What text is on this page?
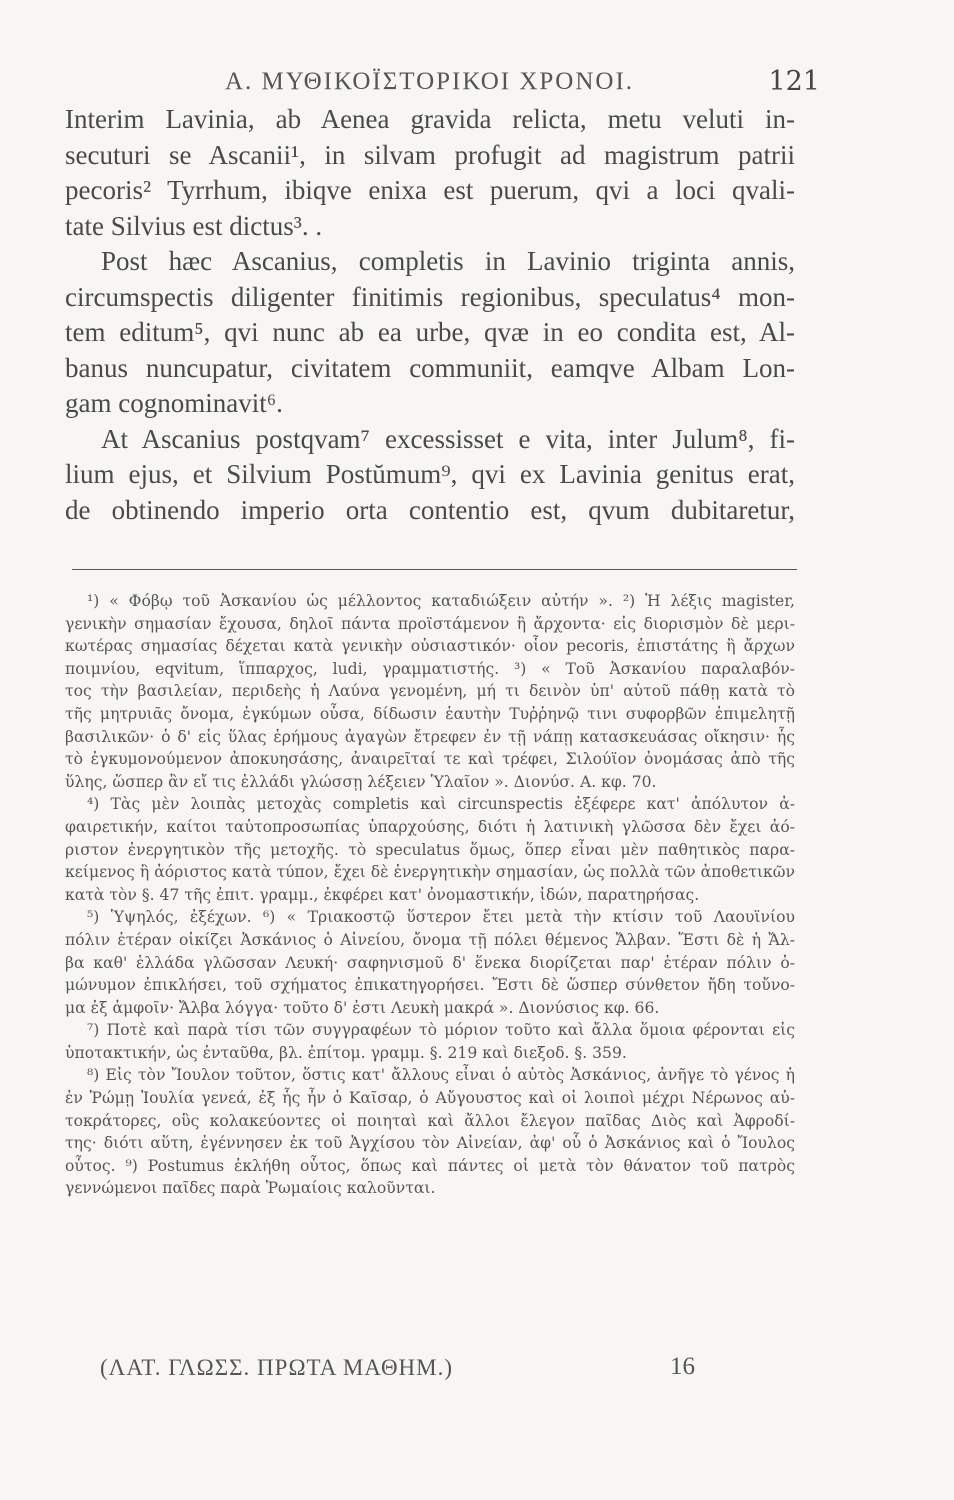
Α. ΜΥΘΙΚΟΪΣΤΟΡΙΚΟΙ ΧΡΟΝΟΙ.	121
Interim Lavinia, ab Aenea gravida relicta, metu veluti in-
secuturi se Ascanii¹, in silvam profugit ad magistrum patrii
pecoris² Tyrrhum, ibiqve enixa est puerum, qvi a loci qvali-
tate Silvius est dictus³. .
Post hæc Ascanius, completis in Lavinio triginta annis,
circumspectis diligenter finitimis regionibus, speculatus⁴ mon-
tem editum⁵, qvi nunc ab ea urbe, qvæ in eo condita est, Al-
banus nuncupatur, civitatem communiit, eamqve Albam Lon-
gam cognominavit⁶.
At Ascanius postqvam⁷ excessisset e vita, inter Julum⁸, fi-
lium ejus, et Silvium Postŭmum⁹, qvi ex Lavinia genitus erat,
de obtinendo imperio orta contentio est, qvum dubitaretur,
¹) « Φόβῳ τοῦ Ἀσκανίου ὡς μέλλοντος καταδιώξειν αὐτήν ». ²) Ἡ λέξις magister,
γενικὴν σημασίαν ἔχουσα, δηλοῖ πάντα προϊστάμενον ἢ ἄρχοντα· εἰς διορισμὸν δὲ μερι-
κωτέρας σημασίας δέχεται κατὰ γενικὴν οὐσιαστικόν· οἷον pecoris, ἐπιστάτης ἢ ἄρχων
ποιμνίου, eqvitum, ἵππαρχος, ludi, γραμματιστής. ³) « Τοῦ Ἀσκανίου παραλαβόν-
τος τὴν βασιλείαν, περιδεὴς ἡ Λαύνα γενομένη, μή τι δεινὸν ὑπ' αὐτοῦ πάθῃ κατὰ τὸ
τῆς μητρυιᾶς ὄνομα, ἐγκύμων οὖσα, δίδωσιν ἑαυτὴν Τυῤῥηνῷ τινι συφορβῶν ἐπιμελητῇ
βασιλικῶν· ὁ δ' εἰς ὕλας ἐρήμους ἀγαγὼν ἔτρεφεν ἐν τῇ νάπῃ κατασκευάσας οἴκησιν· ἧς
τὸ ἐγκυμονούμενον ἀποκυησάσης, ἀναιρεῖταί τε καὶ τρέφει, Σιλούϊον ὀνομάσας ἀπὸ τῆς
ὕλης, ὥσπερ ἂν εἴ τις ἑλλάδι γλώσσῃ λέξειεν Ὑλαῖον ». Διονύσ. Α. κφ. 70.
⁴) Τὰς μὲν λοιπὰς μετοχὰς completis καὶ circunspectis ἐξέφερε κατ' ἀπόλυτον ἀ-
φαιρετικήν, καίτοι ταὐτοπροσωπίας ὑπαρχούσης, διότι ἡ λατινικὴ γλῶσσα δὲν ἔχει ἀό-
ριστον ἐνεργητικὸν τῆς μετοχῆς. τὸ speculatus ὅμως, ὅπερ εἶναι μὲν παθητικὸς παρα-
κείμενος ἢ ἀόριστος κατὰ τύπον, ἔχει δὲ ἐνεργητικὴν σημασίαν, ὡς πολλὰ τῶν ἀποθετικῶν
κατὰ τὸν §. 47 τῆς ἐπιτ. γραμμ., ἐκφέρει κατ' ὀνομαστικήν, ἰδών, παρατηρήσας.
⁵) Ὑψηλός, ἐξέχων. ⁶) « Τριακοστῷ ὕστερον ἔτει μετὰ τὴν κτίσιν τοῦ Λαουϊνίου
πόλιν ἑτέραν οἰκίζει Ἀσκάνιος ὁ Αἰνείου, ὄνομα τῇ πόλει θέμενος Ἄλβαν. Ἔστι δὲ ἡ Ἄλ-
βα καθ' ἑλλάδα γλῶσσαν Λευκή· σαφηνισμοῦ δ' ἕνεκα διορίζεται παρ' ἑτέραν πόλιν ὁ-
μώνυμον ἐπικλήσει, τοῦ σχήματος ἐπικατηγορήσει. Ἔστι δὲ ὥσπερ σύνθετον ἤδη τοὔνο-
μα ἐξ ἀμφοῖν· Ἄλβα λόγγα· τοῦτο δ' ἐστι Λευκὴ μακρά ». Διονύσιος κφ. 66.
⁷) Ποτὲ καὶ παρὰ τίσι τῶν συγγραφέων τὸ μόριον τοῦτο καὶ ἄλλα ὅμοια φέρονται εἰς
ὑποτακτικήν, ὡς ἐνταῦθα, βλ. ἐπίτομ. γραμμ. §. 219 καὶ διεξοδ. §. 359.
⁸) Εἰς τὸν Ἴουλον τοῦτον, ὅστις κατ' ἄλλους εἶναι ὁ αὐτὸς Ἀσκάνιος, ἀνῆγε τὸ γένος ἡ
ἐν Ῥώμῃ Ἰουλία γενεά, ἐξ ἧς ἦν ὁ Καῖσαρ, ὁ Αὔγουστος καὶ οἱ λοιποὶ μέχρι Νέρωνος αὐ-
τοκράτορες, οὓς κολακεύοντες οἱ ποιηταὶ καὶ ἄλλοι ἔλεγον παῖδας Διὸς καὶ Ἀφροδί-
της· διότι αὕτη, ἐγέννησεν ἐκ τοῦ Ἀγχίσου τὸν Αἰνείαν, ἀφ' οὗ ὁ Ἀσκάνιος καὶ ὁ Ἴουλος
οὗτος. ⁹) Postumus ἐκλήθη οὗτος, ὅπως καὶ πάντες οἱ μετὰ τὸν θάνατον τοῦ πατρὸς
γεννώμενοι παῖδες παρὰ Ῥωμαίοις καλοῦνται.
(ΛΑΤ. ΓΛΩΣΣ. ΠΡΩΤΑ ΜΑΘΗΜ.)	16
